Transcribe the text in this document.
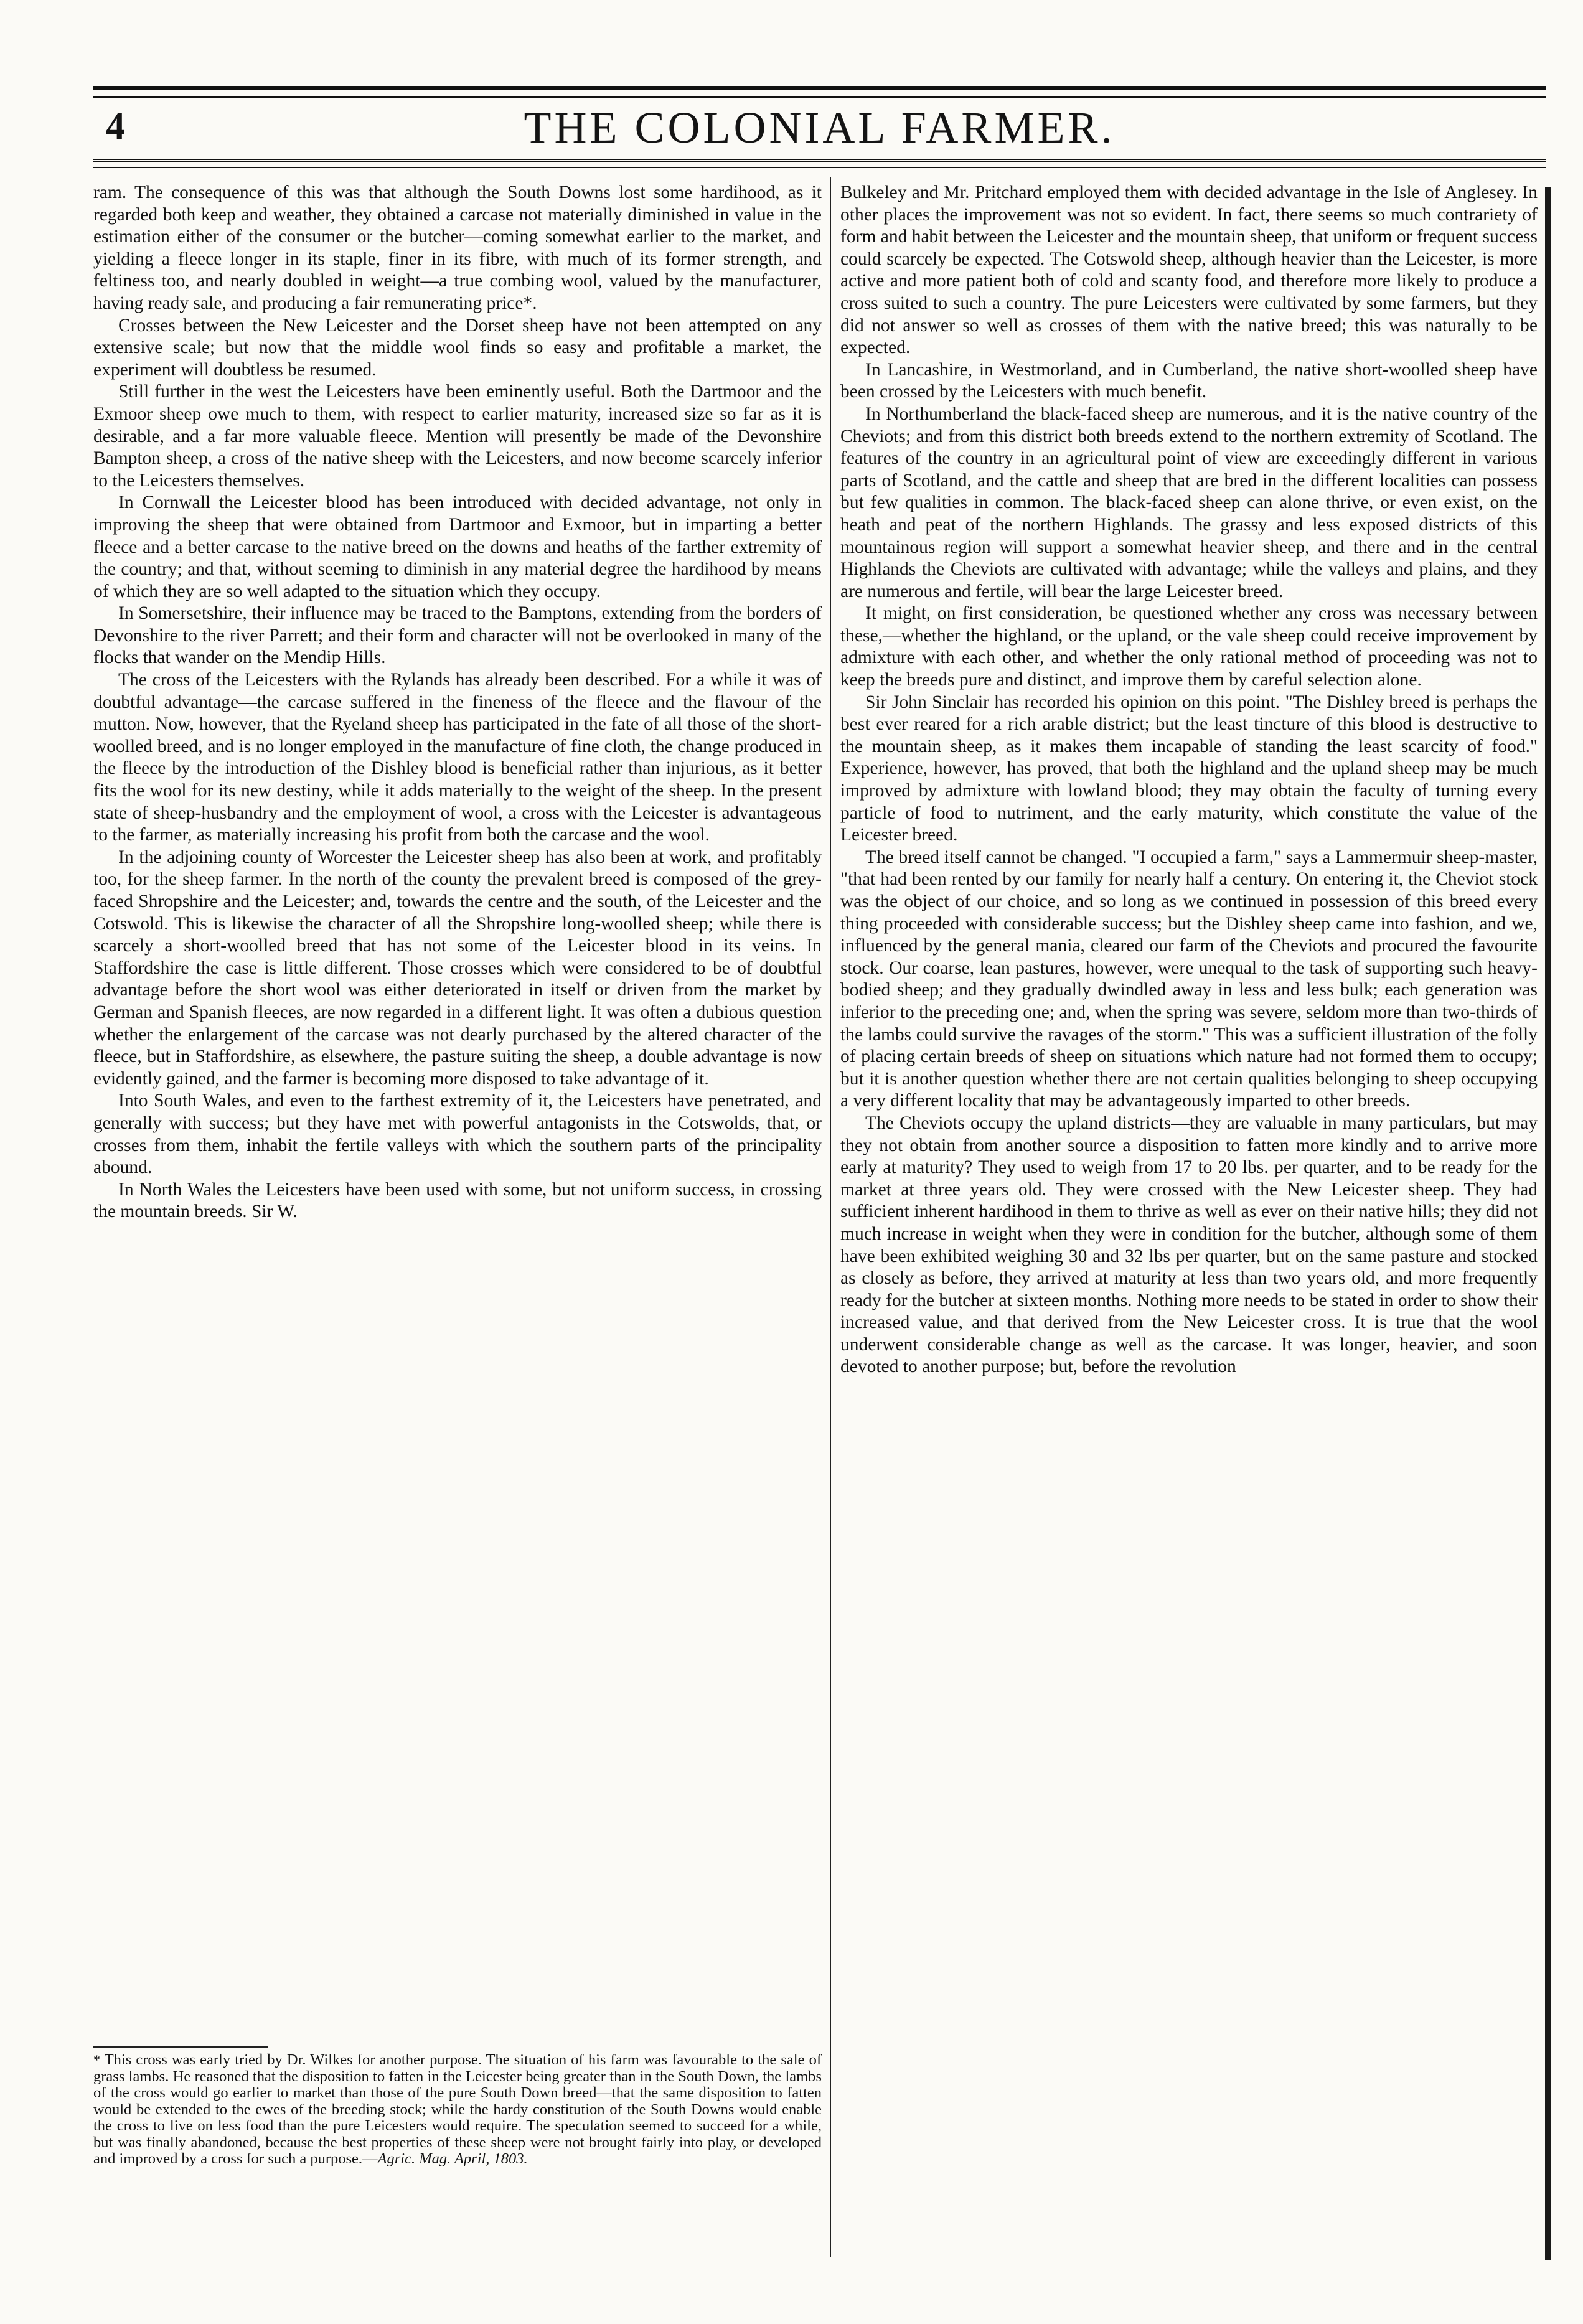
4	THE COLONIAL FARMER.

ram. The consequence of this was that although the South Downs lost some hardihood, as it regarded both keep and weather, they obtained a carcase not materially diminished in value in the estimation either of the consumer or the butcher—coming somewhat earlier to the market, and yielding a fleece longer in its staple, finer in its fibre, with much of its former strength, and feltiness too, and nearly doubled in weight—a true combing wool, valued by the manufacturer, having ready sale, and producing a fair remunerating price*.

Crosses between the New Leicester and the Dorset sheep have not been attempted on any extensive scale; but now that the middle wool finds so easy and profitable a market, the experiment will doubtless be resumed.

Still further in the west the Leicesters have been eminently useful. Both the Dartmoor and the Exmoor sheep owe much to them, with respect to earlier maturity, increased size so far as it is desirable, and a far more valuable fleece. Mention will presently be made of the Devonshire Bampton sheep, a cross of the native sheep with the Leicesters, and now become scarcely inferior to the Leicesters themselves.

In Cornwall the Leicester blood has been introduced with decided advantage, not only in improving the sheep that were obtained from Dartmoor and Exmoor, but in imparting a better fleece and a better carcase to the native breed on the downs and heaths of the farther extremity of the country; and that, without seeming to diminish in any material degree the hardihood by means of which they are so well adapted to the situation which they occupy.

In Somersetshire, their influence may be traced to the Bamptons, extending from the borders of Devonshire to the river Parrett; and their form and character will not be overlooked in many of the flocks that wander on the Mendip Hills.

The cross of the Leicesters with the Rylands has already been described. For a while it was of doubtful advantage—the carcase suffered in the fineness of the fleece and the flavour of the mutton. Now, however, that the Ryeland sheep has participated in the fate of all those of the short-woolled breed, and is no longer employed in the manufacture of fine cloth, the change produced in the fleece by the introduction of the Dishley blood is beneficial rather than injurious, as it better fits the wool for its new destiny, while it adds materially to the weight of the sheep. In the present state of sheep-husbandry and the employment of wool, a cross with the Leicester is advantageous to the farmer, as materially increasing his profit from both the carcase and the wool.

In the adjoining county of Worcester the Leicester sheep has also been at work, and profitably too, for the sheep farmer. In the north of the county the prevalent breed is composed of the grey-faced Shropshire and the Leicester; and, towards the centre and the south, of the Leicester and the Cotswold. This is likewise the character of all the Shropshire long-woolled sheep; while there is scarcely a short-woolled breed that has not some of the Leicester blood in its veins. In Staffordshire the case is little different. Those crosses which were considered to be of doubtful advantage before the short wool was either deteriorated in itself or driven from the market by German and Spanish fleeces, are now regarded in a different light. It was often a dubious question whether the enlargement of the carcase was not dearly purchased by the altered character of the fleece, but in Staffordshire, as elsewhere, the pasture suiting the sheep, a double advantage is now evidently gained, and the farmer is becoming more disposed to take advantage of it.

Into South Wales, and even to the farthest extremity of it, the Leicesters have penetrated, and generally with success; but they have met with powerful antagonists in the Cotswolds, that, or crosses from them, inhabit the fertile valleys with which the southern parts of the principality abound.

In North Wales the Leicesters have been used with some, but not uniform success, in crossing the mountain breeds. Sir W.

* This cross was early tried by Dr. Wilkes for another purpose. The situation of his farm was favourable to the sale of grass lambs. He reasoned that the disposition to fatten in the Leicester being greater than in the South Down, the lambs of the cross would go earlier to market than those of the pure South Down breed—that the same disposition to fatten would be extended to the ewes of the breeding stock; while the hardy constitution of the South Downs would enable the cross to live on less food than the pure Leicesters would require. The speculation seemed to succeed for a while, but was finally abandoned, because the best properties of these sheep were not brought fairly into play, or developed and improved by a cross for such a purpose.—Agric. Mag. April, 1803.

Bulkeley and Mr. Pritchard employed them with decided advantage in the Isle of Anglesey. In other places the improvement was not so evident. In fact, there seems so much contrariety of form and habit between the Leicester and the mountain sheep, that uniform or frequent success could scarcely be expected. The Cotswold sheep, although heavier than the Leicester, is more active and more patient both of cold and scanty food, and therefore more likely to produce a cross suited to such a country. The pure Leicesters were cultivated by some farmers, but they did not answer so well as crosses of them with the native breed; this was naturally to be expected.

In Lancashire, in Westmorland, and in Cumberland, the native short-woolled sheep have been crossed by the Leicesters with much benefit.

In Northumberland the black-faced sheep are numerous, and it is the native country of the Cheviots; and from this district both breeds extend to the northern extremity of Scotland. The features of the country in an agricultural point of view are exceedingly different in various parts of Scotland, and the cattle and sheep that are bred in the different localities can possess but few qualities in common. The black-faced sheep can alone thrive, or even exist, on the heath and peat of the northern Highlands. The grassy and less exposed districts of this mountainous region will support a somewhat heavier sheep, and there and in the central Highlands the Cheviots are cultivated with advantage; while the valleys and plains, and they are numerous and fertile, will bear the large Leicester breed.

It might, on first consideration, be questioned whether any cross was necessary between these,—whether the highland, or the upland, or the vale sheep could receive improvement by admixture with each other, and whether the only rational method of proceeding was not to keep the breeds pure and distinct, and improve them by careful selection alone.

Sir John Sinclair has recorded his opinion on this point. "The Dishley breed is perhaps the best ever reared for a rich arable district; but the least tincture of this blood is destructive to the mountain sheep, as it makes them incapable of standing the least scarcity of food." Experience, however, has proved, that both the highland and the upland sheep may be much improved by admixture with lowland blood; they may obtain the faculty of turning every particle of food to nutriment, and the early maturity, which constitute the value of the Leicester breed.

The breed itself cannot be changed. "I occupied a farm," says a Lammermuir sheep-master, "that had been rented by our family for nearly half a century. On entering it, the Cheviot stock was the object of our choice, and so long as we continued in possession of this breed every thing proceeded with considerable success; but the Dishley sheep came into fashion, and we, influenced by the general mania, cleared our farm of the Cheviots and procured the favourite stock. Our coarse, lean pastures, however, were unequal to the task of supporting such heavy-bodied sheep; and they gradually dwindled away in less and less bulk; each generation was inferior to the preceding one; and, when the spring was severe, seldom more than two-thirds of the lambs could survive the ravages of the storm." This was a sufficient illustration of the folly of placing certain breeds of sheep on situations which nature had not formed them to occupy; but it is another question whether there are not certain qualities belonging to sheep occupying a very different locality that may be advantageously imparted to other breeds.

The Cheviots occupy the upland districts—they are valuable in many particulars, but may they not obtain from another source a disposition to fatten more kindly and to arrive more early at maturity? They used to weigh from 17 to 20 lbs. per quarter, and to be ready for the market at three years old. They were crossed with the New Leicester sheep. They had sufficient inherent hardihood in them to thrive as well as ever on their native hills; they did not much increase in weight when they were in condition for the butcher, although some of them have been exhibited weighing 30 and 32 lbs per quarter, but on the same pasture and stocked as closely as before, they arrived at maturity at less than two years old, and more frequently ready for the butcher at sixteen months. Nothing more needs to be stated in order to show their increased value, and that derived from the New Leicester cross. It is true that the wool underwent considerable change as well as the carcase. It was longer, heavier, and soon devoted to another purpose; but, before the revolution
